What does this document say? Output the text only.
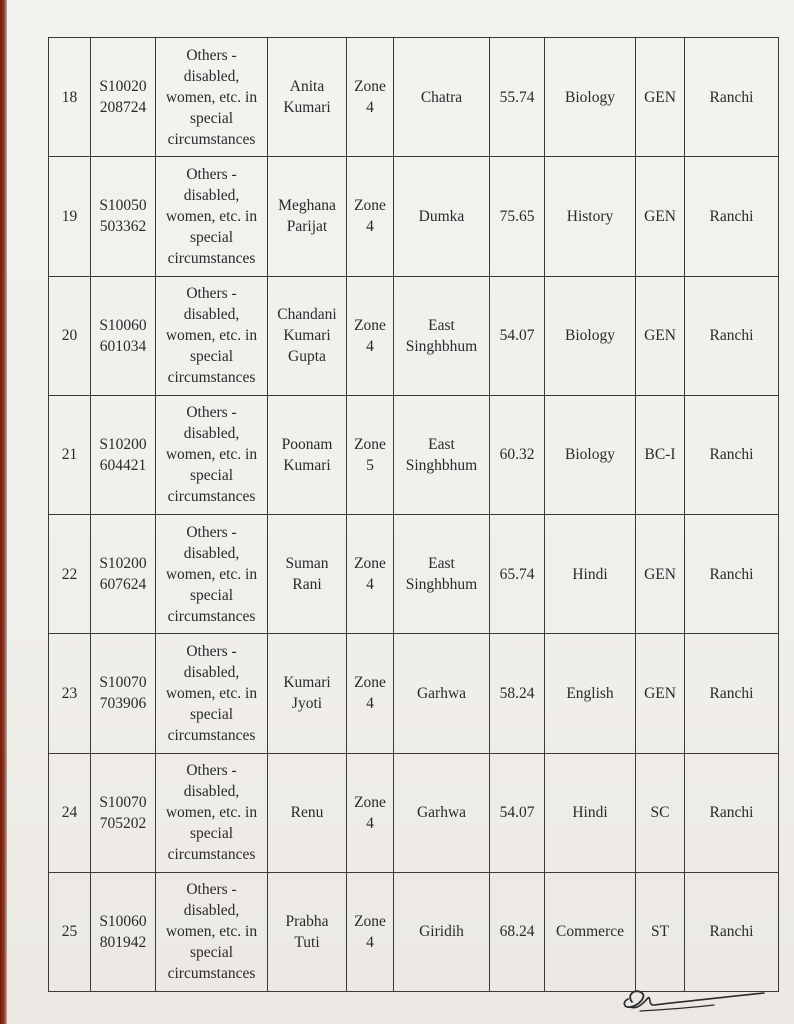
18	S10020
208724	Others -
disabled,
women, etc. in
special
circumstances	Anita
Kumari	Zone
4	Chatra	55.74	Biology	GEN	Ranchi
19	S10050
503362	Others -
disabled,
women, etc. in
special
circumstances	Meghana
Parijat	Zone
4	Dumka	75.65	History	GEN	Ranchi
20	S10060
601034	Others -
disabled,
women, etc. in
special
circumstances	Chandani
Kumari
Gupta	Zone
4	East
Singhbhum	54.07	Biology	GEN	Ranchi
21	S10200
604421	Others -
disabled,
women, etc. in
special
circumstances	Poonam
Kumari	Zone
5	East
Singhbhum	60.32	Biology	BC-I	Ranchi
22	S10200
607624	Others -
disabled,
women, etc. in
special
circumstances	Suman
Rani	Zone
4	East
Singhbhum	65.74	Hindi	GEN	Ranchi
23	S10070
703906	Others -
disabled,
women, etc. in
special
circumstances	Kumari
Jyoti	Zone
4	Garhwa	58.24	English	GEN	Ranchi
24	S10070
705202	Others -
disabled,
women, etc. in
special
circumstances	Renu	Zone
4	Garhwa	54.07	Hindi	SC	Ranchi
25	S10060
801942	Others -
disabled,
women, etc. in
special
circumstances	Prabha
Tuti	Zone
4	Giridih	68.24	Commerce	ST	Ranchi
